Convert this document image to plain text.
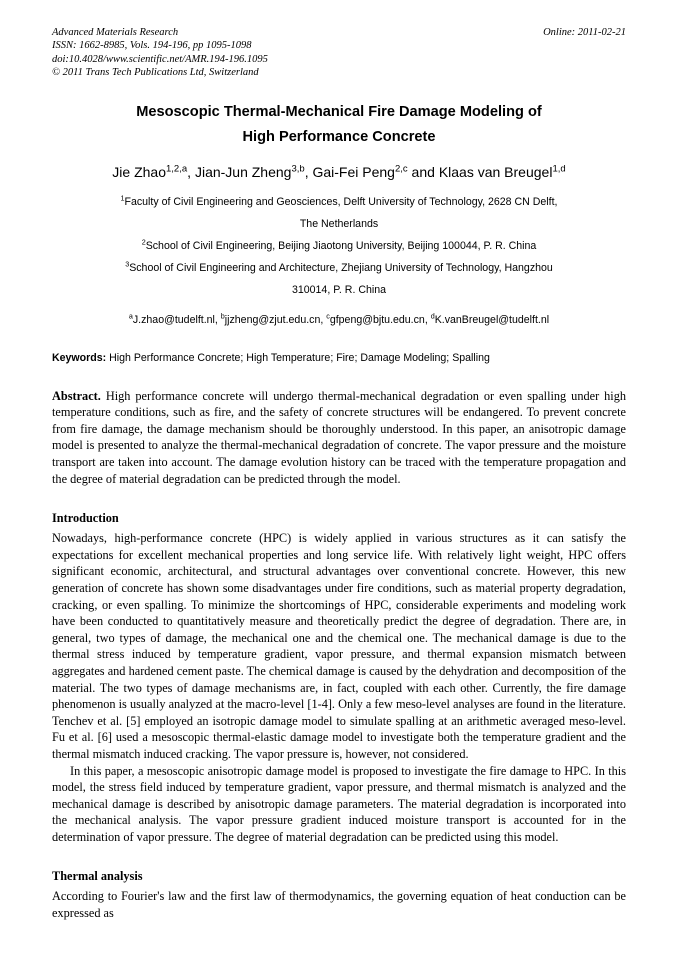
Advanced Materials Research
ISSN: 1662-8985, Vols. 194-196, pp 1095-1098
doi:10.4028/www.scientific.net/AMR.194-196.1095
© 2011 Trans Tech Publications Ltd, Switzerland
Online: 2011-02-21
Mesoscopic Thermal-Mechanical Fire Damage Modeling of
High Performance Concrete
Jie Zhao$^{1,2,a}$, Jian-Jun Zheng$^{3,b}$, Gai-Fei Peng$^{2,c}$ and Klaas van Breugel$^{1,d}$
$^1$Faculty of Civil Engineering and Geosciences, Delft University of Technology, 2628 CN Delft,
The Netherlands
$^2$School of Civil Engineering, Beijing Jiaotong University, Beijing 100044, P. R. China
$^3$School of Civil Engineering and Architecture, Zhejiang University of Technology, Hangzhou
310014, P. R. China
$^a$J.zhao@tudelft.nl, $^b$jjzheng@zjut.edu.cn, $^c$gfpeng@bjtu.edu.cn, $^d$K.vanBreugel@tudelft.nl
Keywords: High Performance Concrete; High Temperature; Fire; Damage Modeling; Spalling
Abstract. High performance concrete will undergo thermal-mechanical degradation or even spalling under high temperature conditions, such as fire, and the safety of concrete structures will be endangered. To prevent concrete from fire damage, the damage mechanism should be thoroughly understood. In this paper, an anisotropic damage model is presented to analyze the thermal-mechanical degradation of concrete. The vapor pressure and the moisture transport are taken into account. The damage evolution history can be traced with the temperature propagation and the degree of material degradation can be predicted through the model.
Introduction

Nowadays, high-performance concrete (HPC) is widely applied in various structures as it can satisfy the expectations for excellent mechanical properties and long service life. With relatively light weight, HPC offers significant economic, architectural, and structural advantages over conventional concrete. However, this new generation of concrete has shown some disadvantages under fire conditions, such as material property degradation, cracking, or even spalling. To minimize the shortcomings of HPC, considerable experiments and modeling work have been conducted to quantitatively measure and theoretically predict the degree of degradation. There are, in general, two types of damage, the mechanical one and the chemical one. The mechanical damage is due to the thermal stress induced by temperature gradient, vapor pressure, and thermal expansion mismatch between aggregates and hardened cement paste. The chemical damage is caused by the dehydration and decomposition of the material. The two types of damage mechanisms are, in fact, coupled with each other. Currently, the fire damage phenomenon is usually analyzed at the macro-level [1-4]. Only a few meso-level analyses are found in the literature. Tenchev et al. [5] employed an isotropic damage model to simulate spalling at an arithmetic averaged meso-level. Fu et al. [6] used a mesoscopic thermal-elastic damage model to investigate both the temperature gradient and the thermal mismatch induced cracking. The vapor pressure is, however, not considered.

In this paper, a mesoscopic anisotropic damage model is proposed to investigate the fire damage to HPC. In this model, the stress field induced by temperature gradient, vapor pressure, and thermal mismatch is analyzed and the mechanical damage is described by anisotropic damage parameters. The material degradation is incorporated into the mechanical analysis. The vapor pressure gradient induced moisture transport is accounted for in the determination of vapor pressure. The degree of material degradation can be predicted using this model.

Thermal analysis

According to Fourier's law and the first law of thermodynamics, the governing equation of heat conduction can be expressed as
